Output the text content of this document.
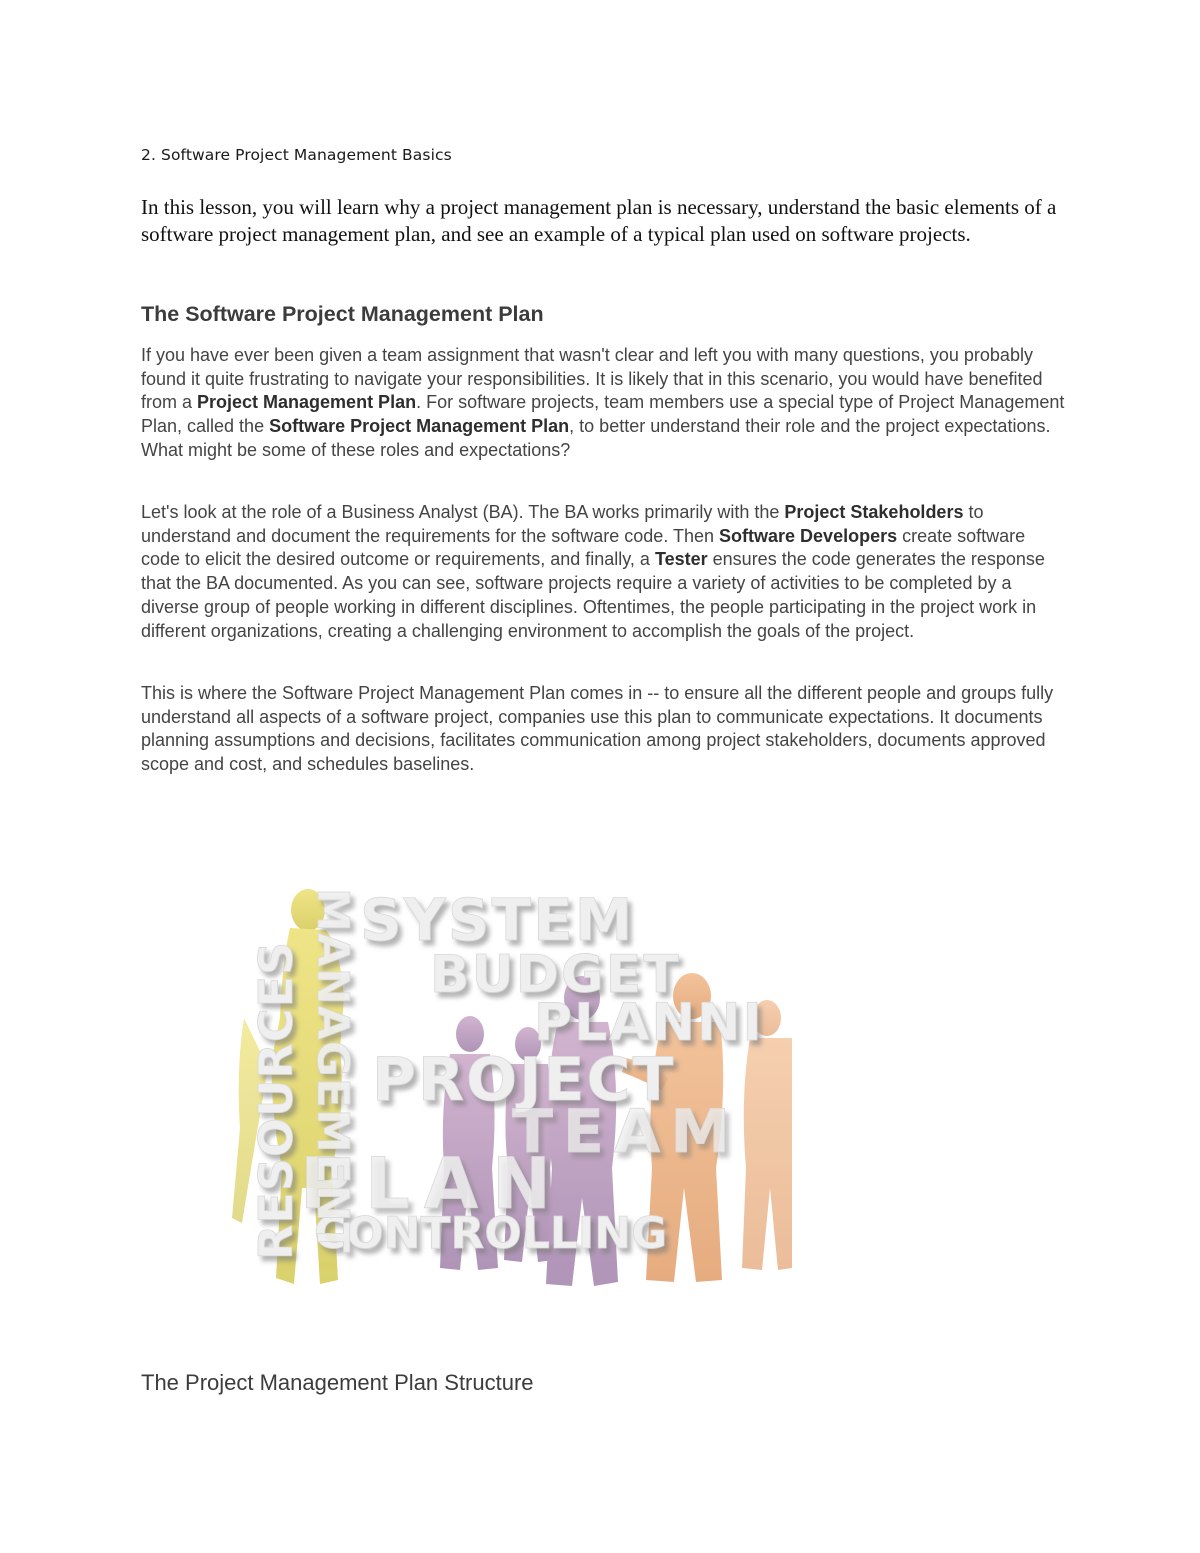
2. Software Project Management Basics

In this lesson, you will learn why a project management plan is necessary, understand the basic elements of a software project management plan, and see an example of a typical plan used on software projects.

The Software Project Management Plan

If you have ever been given a team assignment that wasn't clear and left you with many questions, you probably found it quite frustrating to navigate your responsibilities. It is likely that in this scenario, you would have benefited from a Project Management Plan. For software projects, team members use a special type of Project Management Plan, called the Software Project Management Plan, to better understand their role and the project expectations. What might be some of these roles and expectations?

Let's look at the role of a Business Analyst (BA). The BA works primarily with the Project Stakeholders to understand and document the requirements for the software code. Then Software Developers create software code to elicit the desired outcome or requirements, and finally, a Tester ensures the code generates the response that the BA documented. As you can see, software projects require a variety of activities to be completed by a diverse group of people working in different disciplines. Oftentimes, the people participating in the project work in different organizations, creating a challenging environment to accomplish the goals of the project.

This is where the Software Project Management Plan comes in -- to ensure all the different people and groups fully understand all aspects of a software project, companies use this plan to communicate expectations. It documents planning assumptions and decisions, facilitates communication among project stakeholders, documents approved scope and cost, and schedules baselines.

SYSTEM
BUDGET
PLANNI
PROJECT
TEAM
PLAN
CONTROLLING
RESOURCES MANAGEMENT
The Project Management Plan Structure
